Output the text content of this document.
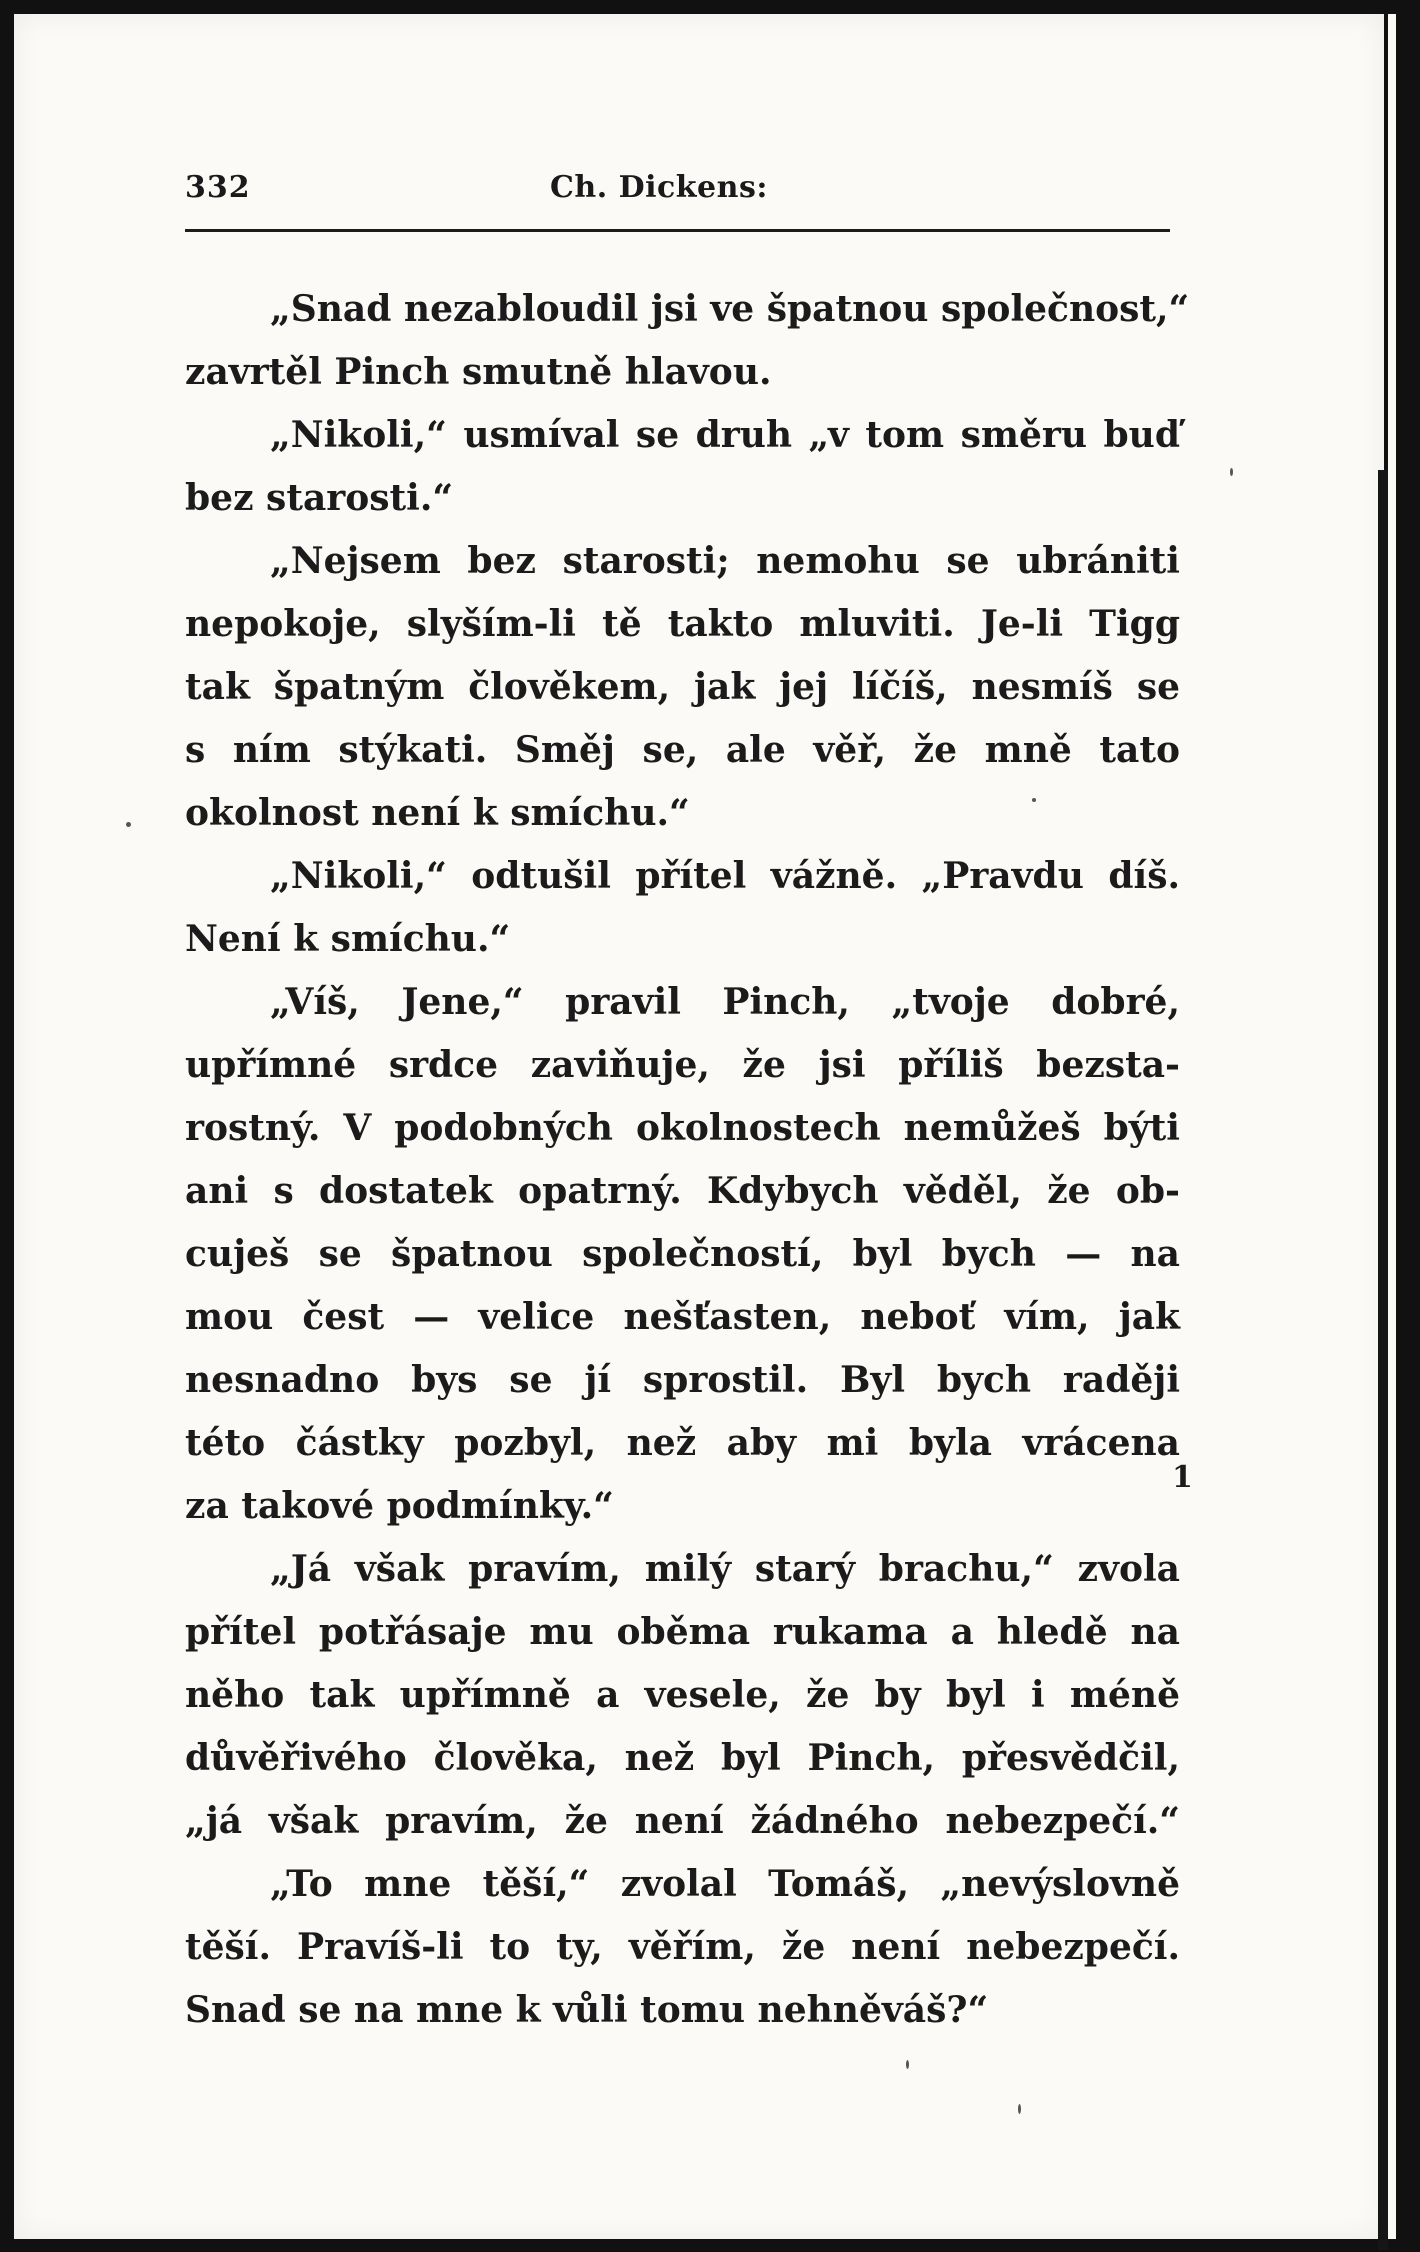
332	Ch. Dickens:
„Snad nezabloudil jsi ve špatnou společnost,“
zavrtěl Pinch smutně hlavou.
„Nikoli,“ usmíval se druh „v tom směru buď
bez starosti.“
„Nejsem bez starosti; nemohu se ubrániti
nepokoje, slyším-li tě takto mluviti. Je-li Tigg
tak špatným člověkem, jak jej líčíš, nesmíš se
s ním stýkati. Směj se, ale věř, že mně tato
okolnost není k smíchu.“
„Nikoli,“ odtušil přítel vážně. „Pravdu díš.
Není k smíchu.“
„Víš, Jene,“ pravil Pinch, „tvoje dobré,
upřímné srdce zaviňuje, že jsi příliš bezsta-
rostný. V podobných okolnostech nemůžeš býti
ani s dostatek opatrný. Kdybych věděl, že ob-
cuješ se špatnou společností, byl bych — na
mou čest — velice nešťasten, neboť vím, jak
nesnadno bys se jí sprostil. Byl bych raději
této částky pozbyl, než aby mi byla vrácena
za takové podmínky.“
„Já však pravím, milý starý brachu,“ zvola
přítel potřásaje mu oběma rukama a hledě na
něho tak upřímně a vesele, že by byl i méně
důvěřivého člověka, než byl Pinch, přesvědčil,
„já však pravím, že není žádného nebezpečí.“
„To mne těší,“ zvolal Tomáš, „nevýslovně
těší. Pravíš-li to ty, věřím, že není nebezpečí.
Snad se na mne k vůli tomu nehněváš?“
1
